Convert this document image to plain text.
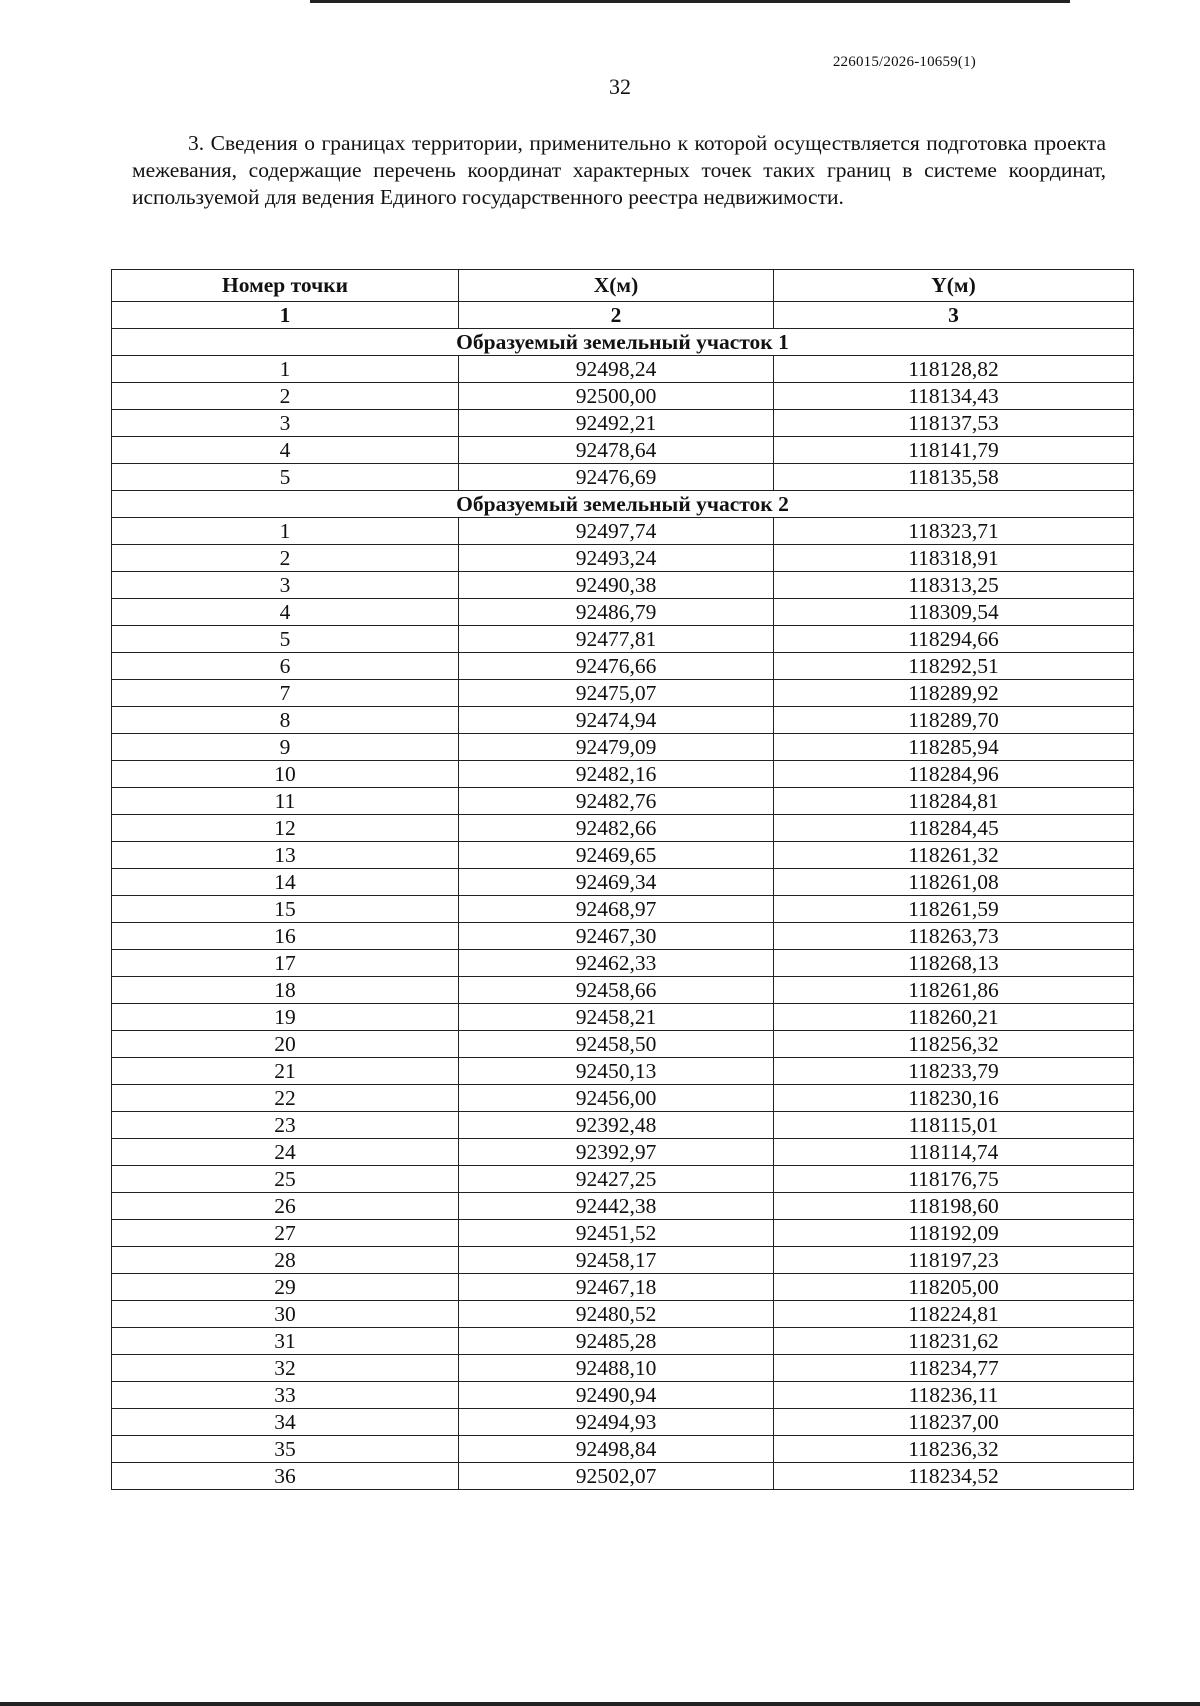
226015/2026-10659(1)
32

3. Сведения о границах территории, применительно к которой осуществляется подготовка проекта межевания, содержащие перечень координат характерных точек таких границ в системе координат, используемой для ведения Единого государственного реестра недвижимости.

Номер точки	X(м)	Y(м)
1	2	3
Образуемый земельный участок 1		
1	92498,24	118128,82
2	92500,00	118134,43
3	92492,21	118137,53
4	92478,64	118141,79
5	92476,69	118135,58
Образуемый земельный участок 2		
1	92497,74	118323,71
2	92493,24	118318,91
3	92490,38	118313,25
4	92486,79	118309,54
5	92477,81	118294,66
6	92476,66	118292,51
7	92475,07	118289,92
8	92474,94	118289,70
9	92479,09	118285,94
10	92482,16	118284,96
11	92482,76	118284,81
12	92482,66	118284,45
13	92469,65	118261,32
14	92469,34	118261,08
15	92468,97	118261,59
16	92467,30	118263,73
17	92462,33	118268,13
18	92458,66	118261,86
19	92458,21	118260,21
20	92458,50	118256,32
21	92450,13	118233,79
22	92456,00	118230,16
23	92392,48	118115,01
24	92392,97	118114,74
25	92427,25	118176,75
26	92442,38	118198,60
27	92451,52	118192,09
28	92458,17	118197,23
29	92467,18	118205,00
30	92480,52	118224,81
31	92485,28	118231,62
32	92488,10	118234,77
33	92490,94	118236,11
34	92494,93	118237,00
35	92498,84	118236,32
36	92502,07	118234,52
